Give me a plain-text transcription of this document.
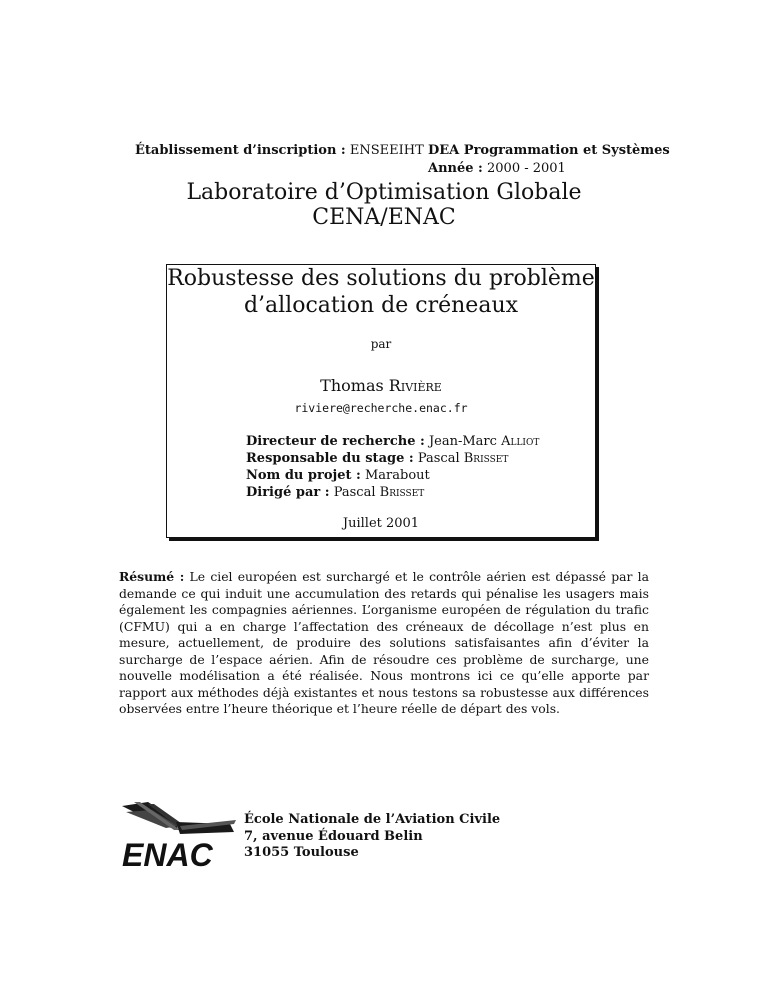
Établissement d’inscription : ENSEEIHT DEA Programmation et Systèmes
Année : 2000 - 2001
Laboratoire d’Optimisation Globale
CENA/ENAC
Robustesse des solutions du problème
d’allocation de créneaux
par
Thomas Rivière
riviere@recherche.enac.fr
Directeur de recherche : Jean-Marc Alliot
Responsable du stage : Pascal Brisset
Nom du projet : Marabout
Dirigé par : Pascal Brisset
Juillet 2001
Résumé : Le ciel européen est surchargé et le contrôle aérien est dépassé par la demande ce qui induit une accumulation des retards qui pénalise les usagers mais également les compagnies aériennes. L’organisme européen de régulation du trafic (CFMU) qui a en charge l’affectation des créneaux de décollage n’est plus en mesure, actuellement, de produire des solutions satisfaisantes afin d’éviter la surcharge de l’espace aérien. Afin de résoudre ces problème de surcharge, une nouvelle modélisation a été réalisée. Nous montrons ici ce qu’elle apporte par rapport aux méthodes déjà existantes et nous testons sa robustesse aux différences observées entre l’heure théorique et l’heure réelle de départ des vols.
ENAC
École Nationale de l’Aviation Civile
7, avenue Édouard Belin
31055 Toulouse
